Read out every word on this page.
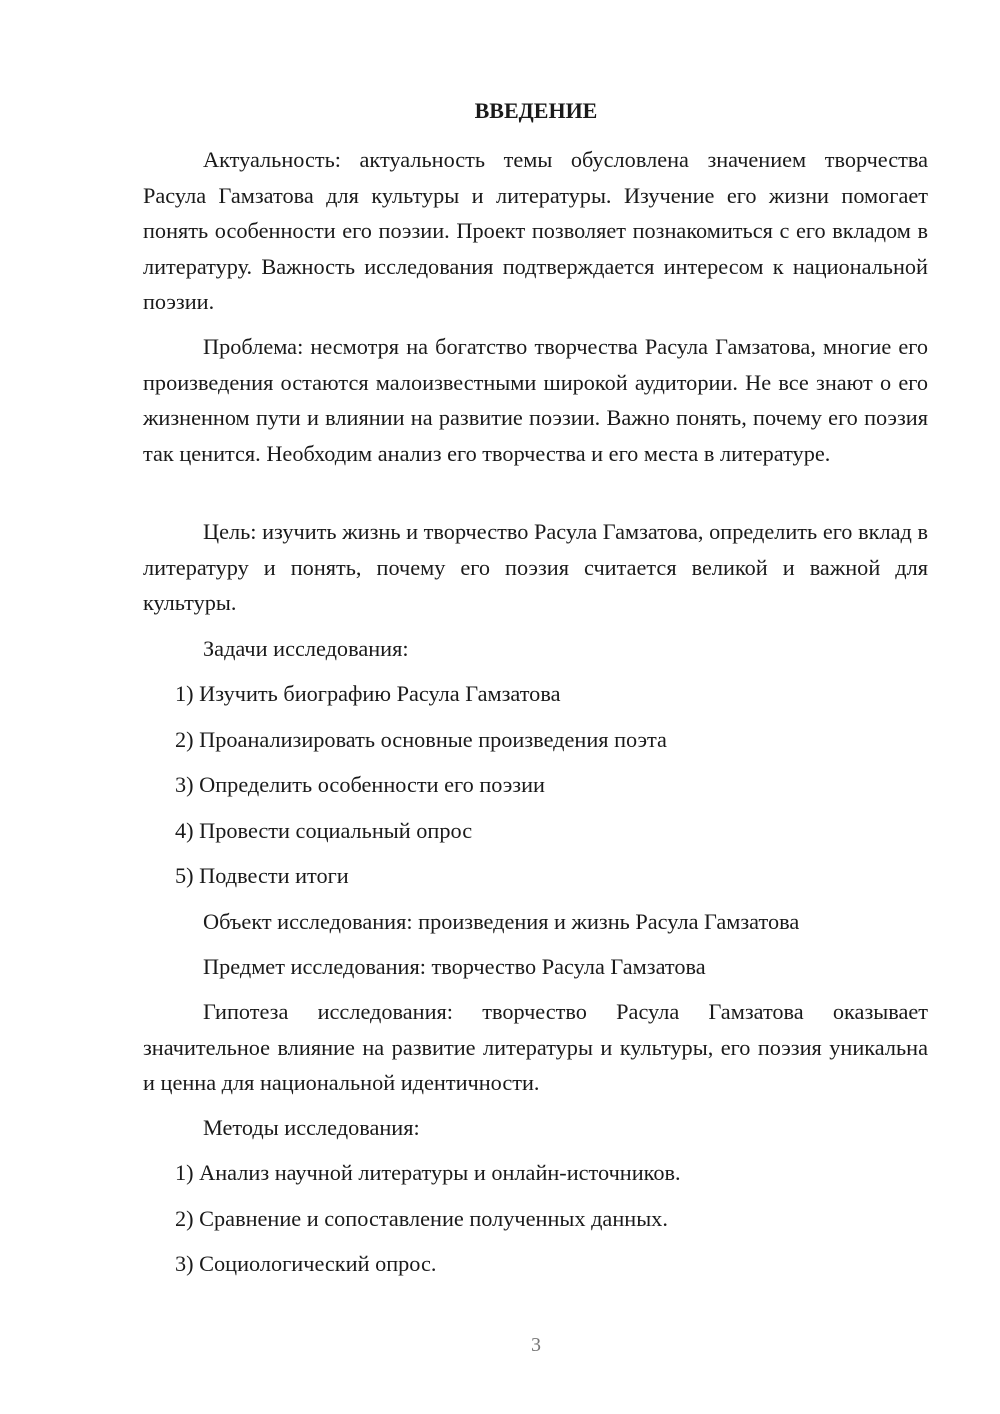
ВВЕДЕНИЕ

Актуальность: актуальность темы обусловлена значением творчества Расула Гамзатова для культуры и литературы. Изучение его жизни помогает понять особенности его поэзии. Проект позволяет познакомиться с его вкладом в литературу. Важность исследования подтверждается интересом к национальной поэзии.

Проблема: несмотря на богатство творчества Расула Гамзатова, многие его произведения остаются малоизвестными широкой аудитории. Не все знают о его жизненном пути и влиянии на развитие поэзии. Важно понять, почему его поэзия так ценится. Необходим анализ его творчества и его места в литературе.

Цель: изучить жизнь и творчество Расула Гамзатова, определить его вклад в литературу и понять, почему его поэзия считается великой и важной для культуры.

Задачи исследования:

1) Изучить биографию Расула Гамзатова

2) Проанализировать основные произведения поэта

3) Определить особенности его поэзии

4) Провести социальный опрос

5) Подвести итоги

Объект исследования: произведения и жизнь Расула Гамзатова

Предмет исследования: творчество Расула Гамзатова

Гипотеза исследования: творчество Расула Гамзатова оказывает значительное влияние на развитие литературы и культуры, его поэзия уникальна и ценна для национальной идентичности.

Методы исследования:

1) Анализ научной литературы и онлайн-источников.

2) Сравнение и сопоставление полученных данных.

3) Социологический опрос.

3
